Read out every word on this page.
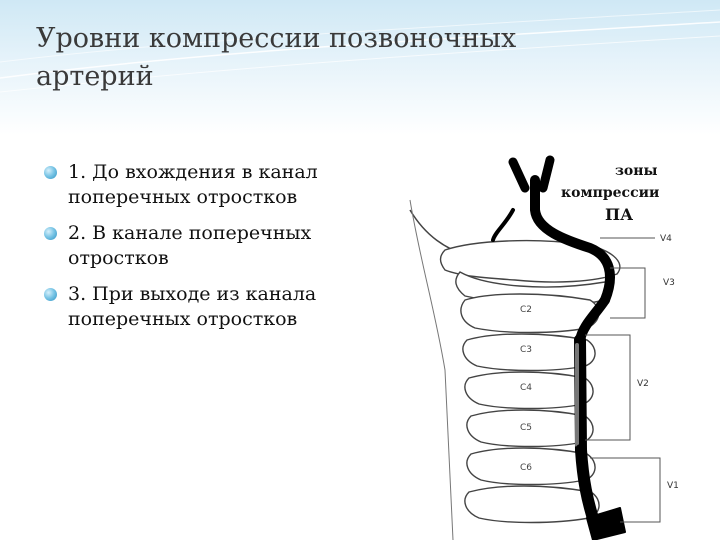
Уровни компрессии позвоночных артерий
1. До вхождения в канал поперечных отростков
2. В канале поперечных отростков
3. При выходе из канала поперечных отростков	C2
C3
C4
C5
C6
зоны
компрессии
ПА
V4
V3
V2
V1
